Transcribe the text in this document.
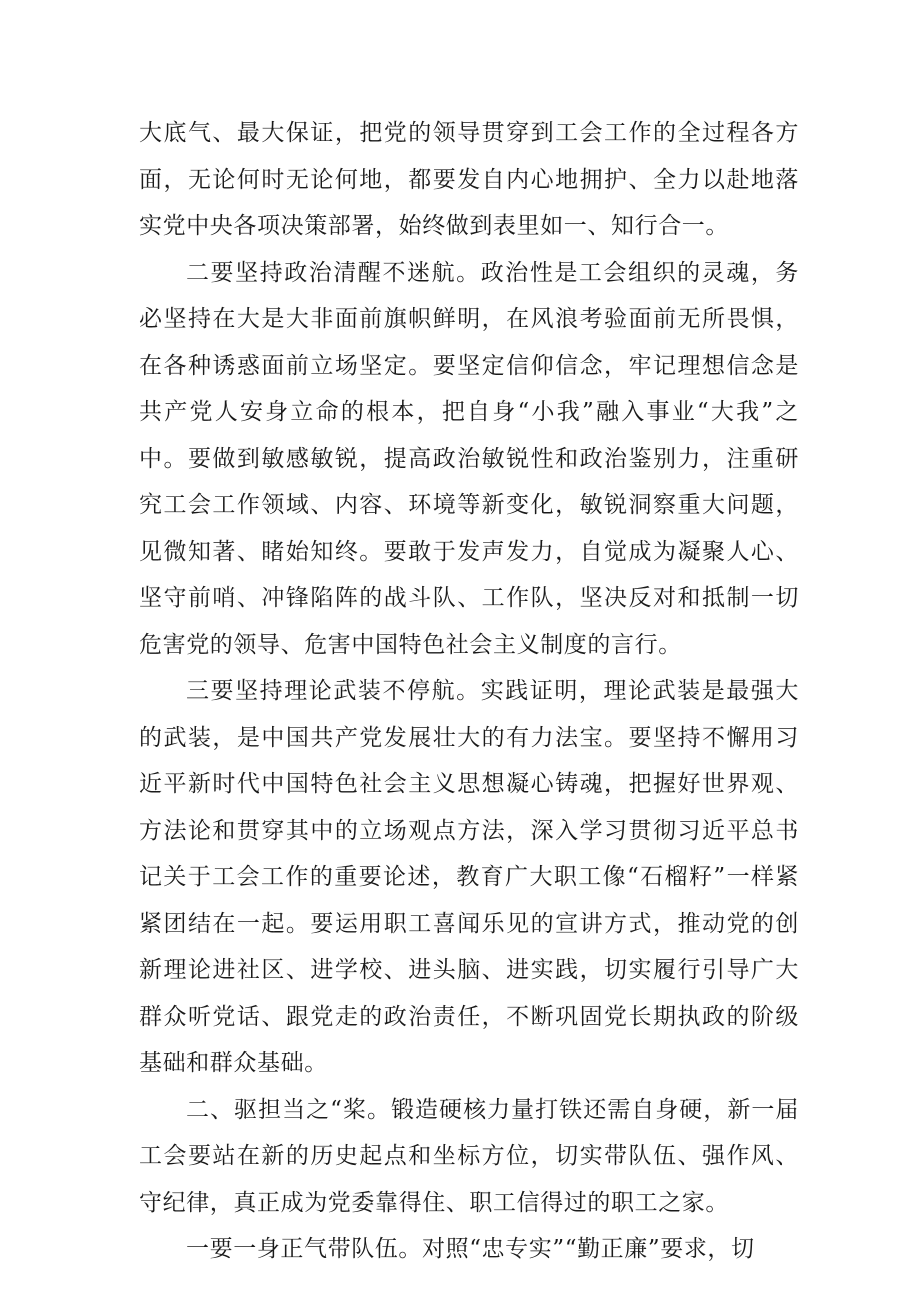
大底气、最大保证，把党的领导贯穿到工会工作的全过程各方面，无论何时无论何地，都要发自内心地拥护、全力以赴地落实党中央各项决策部署，始终做到表里如一、知行合一。

二要坚持政治清醒不迷航。政治性是工会组织的灵魂，务必坚持在大是大非面前旗帜鲜明，在风浪考验面前无所畏惧，在各种诱惑面前立场坚定。要坚定信仰信念，牢记理想信念是共产党人安身立命的根本，把自身“小我”融入事业“大我”之中。要做到敏感敏锐，提高政治敏锐性和政治鉴别力，注重研究工会工作领域、内容、环境等新变化，敏锐洞察重大问题，见微知著、睹始知终。要敢于发声发力，自觉成为凝聚人心、坚守前哨、冲锋陷阵的战斗队、工作队，坚决反对和抵制一切危害党的领导、危害中国特色社会主义制度的言行。

三要坚持理论武装不停航。实践证明，理论武装是最强大的武装，是中国共产党发展壮大的有力法宝。要坚持不懈用习近平新时代中国特色社会主义思想凝心铸魂，把握好世界观、方法论和贯穿其中的立场观点方法，深入学习贯彻习近平总书记关于工会工作的重要论述，教育广大职工像“石榴籽”一样紧紧团结在一起。要运用职工喜闻乐见的宣讲方式，推动党的创新理论进社区、进学校、进头脑、进实践，切实履行引导广大群众听党话、跟党走的政治责任，不断巩固党长期执政的阶级基础和群众基础。

二、驱担当之“桨。锻造硬核力量打铁还需自身硬，新一届工会要站在新的历史起点和坐标方位，切实带队伍、强作风、守纪律，真正成为党委靠得住、职工信得过的职工之家。

一要一身正气带队伍。对照“忠专实”“勤正廉”要求，切
